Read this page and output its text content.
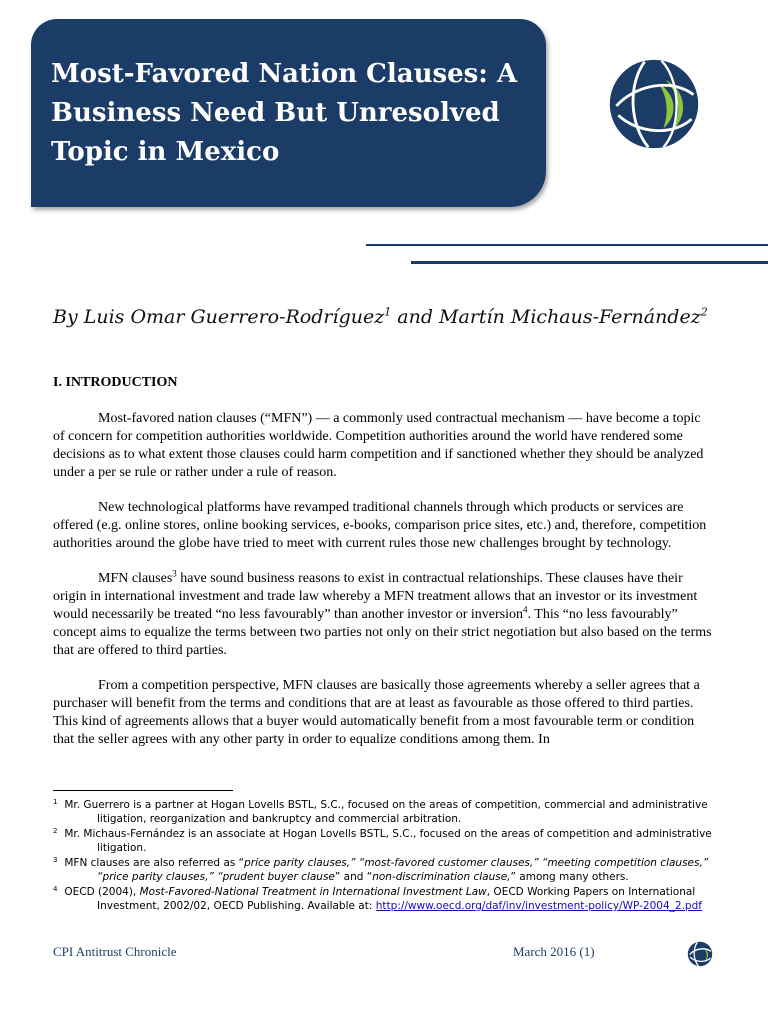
Most-Favored Nation Clauses: A Business Need But Unresolved Topic in Mexico
By Luis Omar Guerrero-Rodríguez$^1$ and Martín Michaus-Fernández$^2$
I. INTRODUCTION

Most-favored nation clauses (“MFN”) — a commonly used contractual mechanism — have become a topic of concern for competition authorities worldwide. Competition authorities around the world have rendered some decisions as to what extent those clauses could harm competition and if sanctioned whether they should be analyzed under a per se rule or rather under a rule of reason.

New technological platforms have revamped traditional channels through which products or services are offered (e.g. online stores, online booking services, e-books, comparison price sites, etc.) and, therefore, competition authorities around the globe have tried to meet with current rules those new challenges brought by technology.

MFN clauses$^3$ have sound business reasons to exist in contractual relationships. These clauses have their origin in international investment and trade law whereby a MFN treatment allows that an investor or its investment would necessarily be treated “no less favourably” than another investor or inversion$^4$. This “no less favourably” concept aims to equalize the terms between two parties not only on their strict negotiation but also based on the terms that are offered to third parties.

From a competition perspective, MFN clauses are basically those agreements whereby a seller agrees that a purchaser will benefit from the terms and conditions that are at least as favourable as those offered to third parties. This kind of agreements allows that a buyer would automatically benefit from a most favourable term or condition that the seller agrees with any other party in order to equalize conditions among them. In

$^1$ Mr. Guerrero is a partner at Hogan Lovells BSTL, S.C., focused on the areas of competition, commercial and administrative litigation, reorganization and bankruptcy and commercial arbitration.
$^2$ Mr. Michaus-Fernández is an associate at Hogan Lovells BSTL, S.C., focused on the areas of competition and administrative litigation.
$^3$ MFN clauses are also referred as “price parity clauses,” “most-favored customer clauses,” “meeting competition clauses,” “price parity clauses,” “prudent buyer clause” and “non-discrimination clause,” among many others.
$^4$ OECD (2004), Most-Favored-National Treatment in International Investment Law, OECD Working Papers on International Investment, 2002/02, OECD Publishing. Available at: http://www.oecd.org/daf/inv/investment-policy/WP-2004_2.pdf
CPI Antitrust Chronicle	March 2016 (1)
